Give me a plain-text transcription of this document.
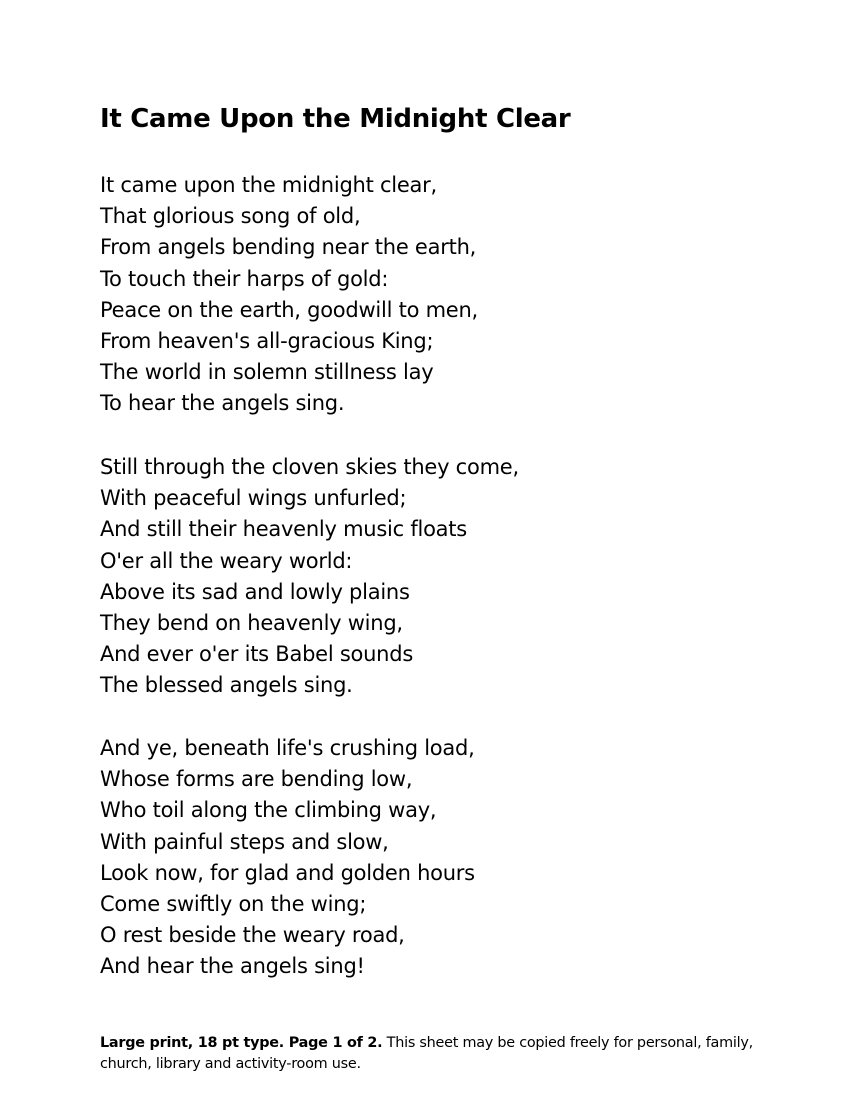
It Came Upon the Midnight Clear
It came upon the midnight clear,
That glorious song of old,
From angels bending near the earth,
To touch their harps of gold:
Peace on the earth, goodwill to men,
From heaven's all-gracious King;
The world in solemn stillness lay
To hear the angels sing.
Still through the cloven skies they come,
With peaceful wings unfurled;
And still their heavenly music floats
O'er all the weary world:
Above its sad and lowly plains
They bend on heavenly wing,
And ever o'er its Babel sounds
The blessed angels sing.
And ye, beneath life's crushing load,
Whose forms are bending low,
Who toil along the climbing way,
With painful steps and slow,
Look now, for glad and golden hours
Come swiftly on the wing;
O rest beside the weary road,
And hear the angels sing!

Large print, 18 pt type. Page 1 of 2. This sheet may be copied freely for personal, family, church, library and activity-room use.
